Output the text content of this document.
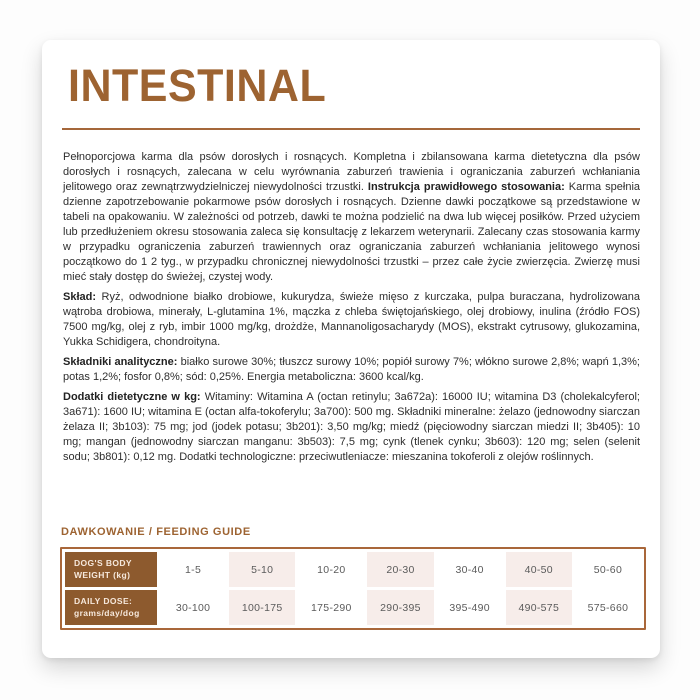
INTESTINAL

Pełnoporcjowa karma dla psów dorosłych i rosnących. Kompletna i zbilansowana karma dietetyczna dla psów dorosłych i rosnących, zalecana w celu wyrównania zaburzeń trawienia i ograniczania zaburzeń wchłaniania jelitowego oraz zewnątrzwydzielniczej niewydolności trzustki. Instrukcja prawidłowego stosowania: Karma spełnia dzienne zapotrzebowanie pokarmowe psów dorosłych i rosnących. Dzienne dawki początkowe są przedstawione w tabeli na opakowaniu. W zależności od potrzeb, dawki te można podzielić na dwa lub więcej posiłków. Przed użyciem lub przedłużeniem okresu stosowania zaleca się konsultację z lekarzem weterynarii. Zalecany czas stosowania karmy w przypadku ograniczenia zaburzeń trawiennych oraz ograniczania zaburzeń wchłaniania jelitowego wynosi początkowo do 1 2 tyg., w przypadku chronicznej niewydolności trzustki – przez całe życie zwierzęcia. Zwierzę musi mieć stały dostęp do świeżej, czystej wody.

Skład: Ryż, odwodnione białko drobiowe, kukurydza, świeże mięso z kurczaka, pulpa buraczana, hydrolizowana wątroba drobiowa, minerały, L-glutamina 1%, mączka z chleba świętojańskiego, olej drobiowy, inulina (źródło FOS) 7500 mg/kg, olej z ryb, imbir 1000 mg/kg, drożdże, Mannanoligosacharydy (MOS), ekstrakt cytrusowy, glukozamina, Yukka Schidigera, chondroityna.

Składniki analityczne: białko surowe 30%; tłuszcz surowy 10%; popiół surowy 7%; włókno surowe 2,8%; wapń 1,3%; potas 1,2%; fosfor 0,8%; sód: 0,25%. Energia metaboliczna: 3600 kcal/kg.

Dodatki dietetyczne w kg: Witaminy: Witamina A (octan retinylu; 3a672a): 16000 IU; witamina D3 (cholekalcyferol; 3a671): 1600 IU; witamina E (octan alfa-tokoferylu; 3a700): 500 mg. Składniki mineralne: żelazo (jednowodny siarczan żelaza II; 3b103): 75 mg; jod (jodek potasu; 3b201): 3,50 mg/kg; miedź (pięciowodny siarczan miedzi II; 3b405): 10 mg; mangan (jednowodny siarczan manganu: 3b503): 7,5 mg; cynk (tlenek cynku; 3b603): 120 mg; selen (selenit sodu; 3b801): 0,12 mg. Dodatki technologiczne: przeciwutleniacze: mieszanina tokoferoli z olejów roślinnych.

DAWKOWANIE / FEEDING GUIDE
DOG'S BODY
WEIGHT (kg)	1-5	5-10	10-20	20-30	30-40	40-50	50-60
DAILY DOSE:
grams/day/dog	30-100	100-175	175-290	290-395	395-490	490-575	575-660
